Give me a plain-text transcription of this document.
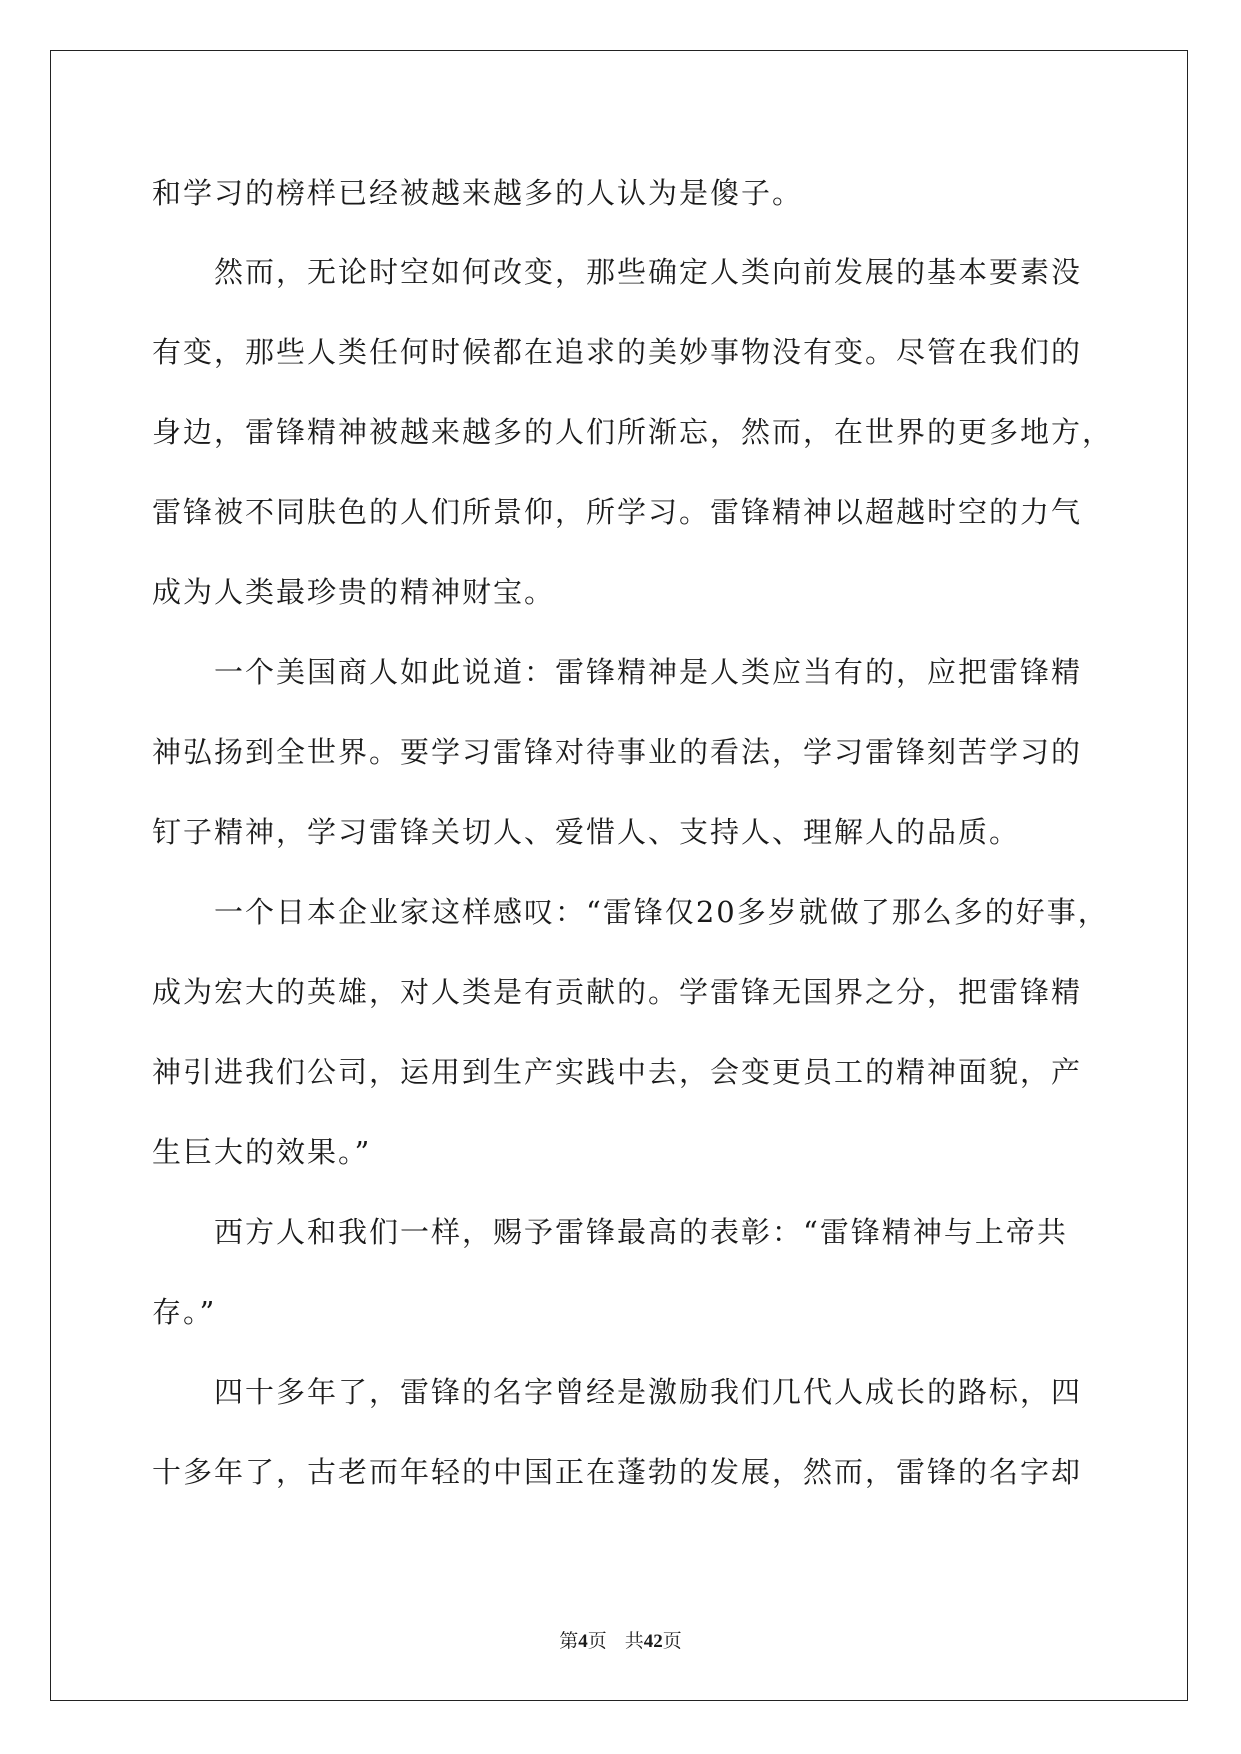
和学习的榜样已经被越来越多的人认为是傻子。
　　然而，无论时空如何改变，那些确定人类向前发展的基本要素没
有变，那些人类任何时候都在追求的美妙事物没有变。尽管在我们的
身边，雷锋精神被越来越多的人们所渐忘，然而，在世界的更多地方，
雷锋被不同肤色的人们所景仰，所学习。雷锋精神以超越时空的力气
成为人类最珍贵的精神财宝。
　　一个美国商人如此说道：雷锋精神是人类应当有的，应把雷锋精
神弘扬到全世界。要学习雷锋对待事业的看法，学习雷锋刻苦学习的
钉子精神，学习雷锋关切人、爱惜人、支持人、理解人的品质。
　　一个日本企业家这样感叹：“雷锋仅20多岁就做了那么多的好事，
成为宏大的英雄，对人类是有贡献的。学雷锋无国界之分，把雷锋精
神引进我们公司，运用到生产实践中去，会变更员工的精神面貌，产
生巨大的效果。”
　　西方人和我们一样，赐予雷锋最高的表彰：“雷锋精神与上帝共
存。”
　　四十多年了，雷锋的名字曾经是激励我们几代人成长的路标，四
十多年了，古老而年轻的中国正在蓬勃的发展，然而，雷锋的名字却
第4页 共42页
